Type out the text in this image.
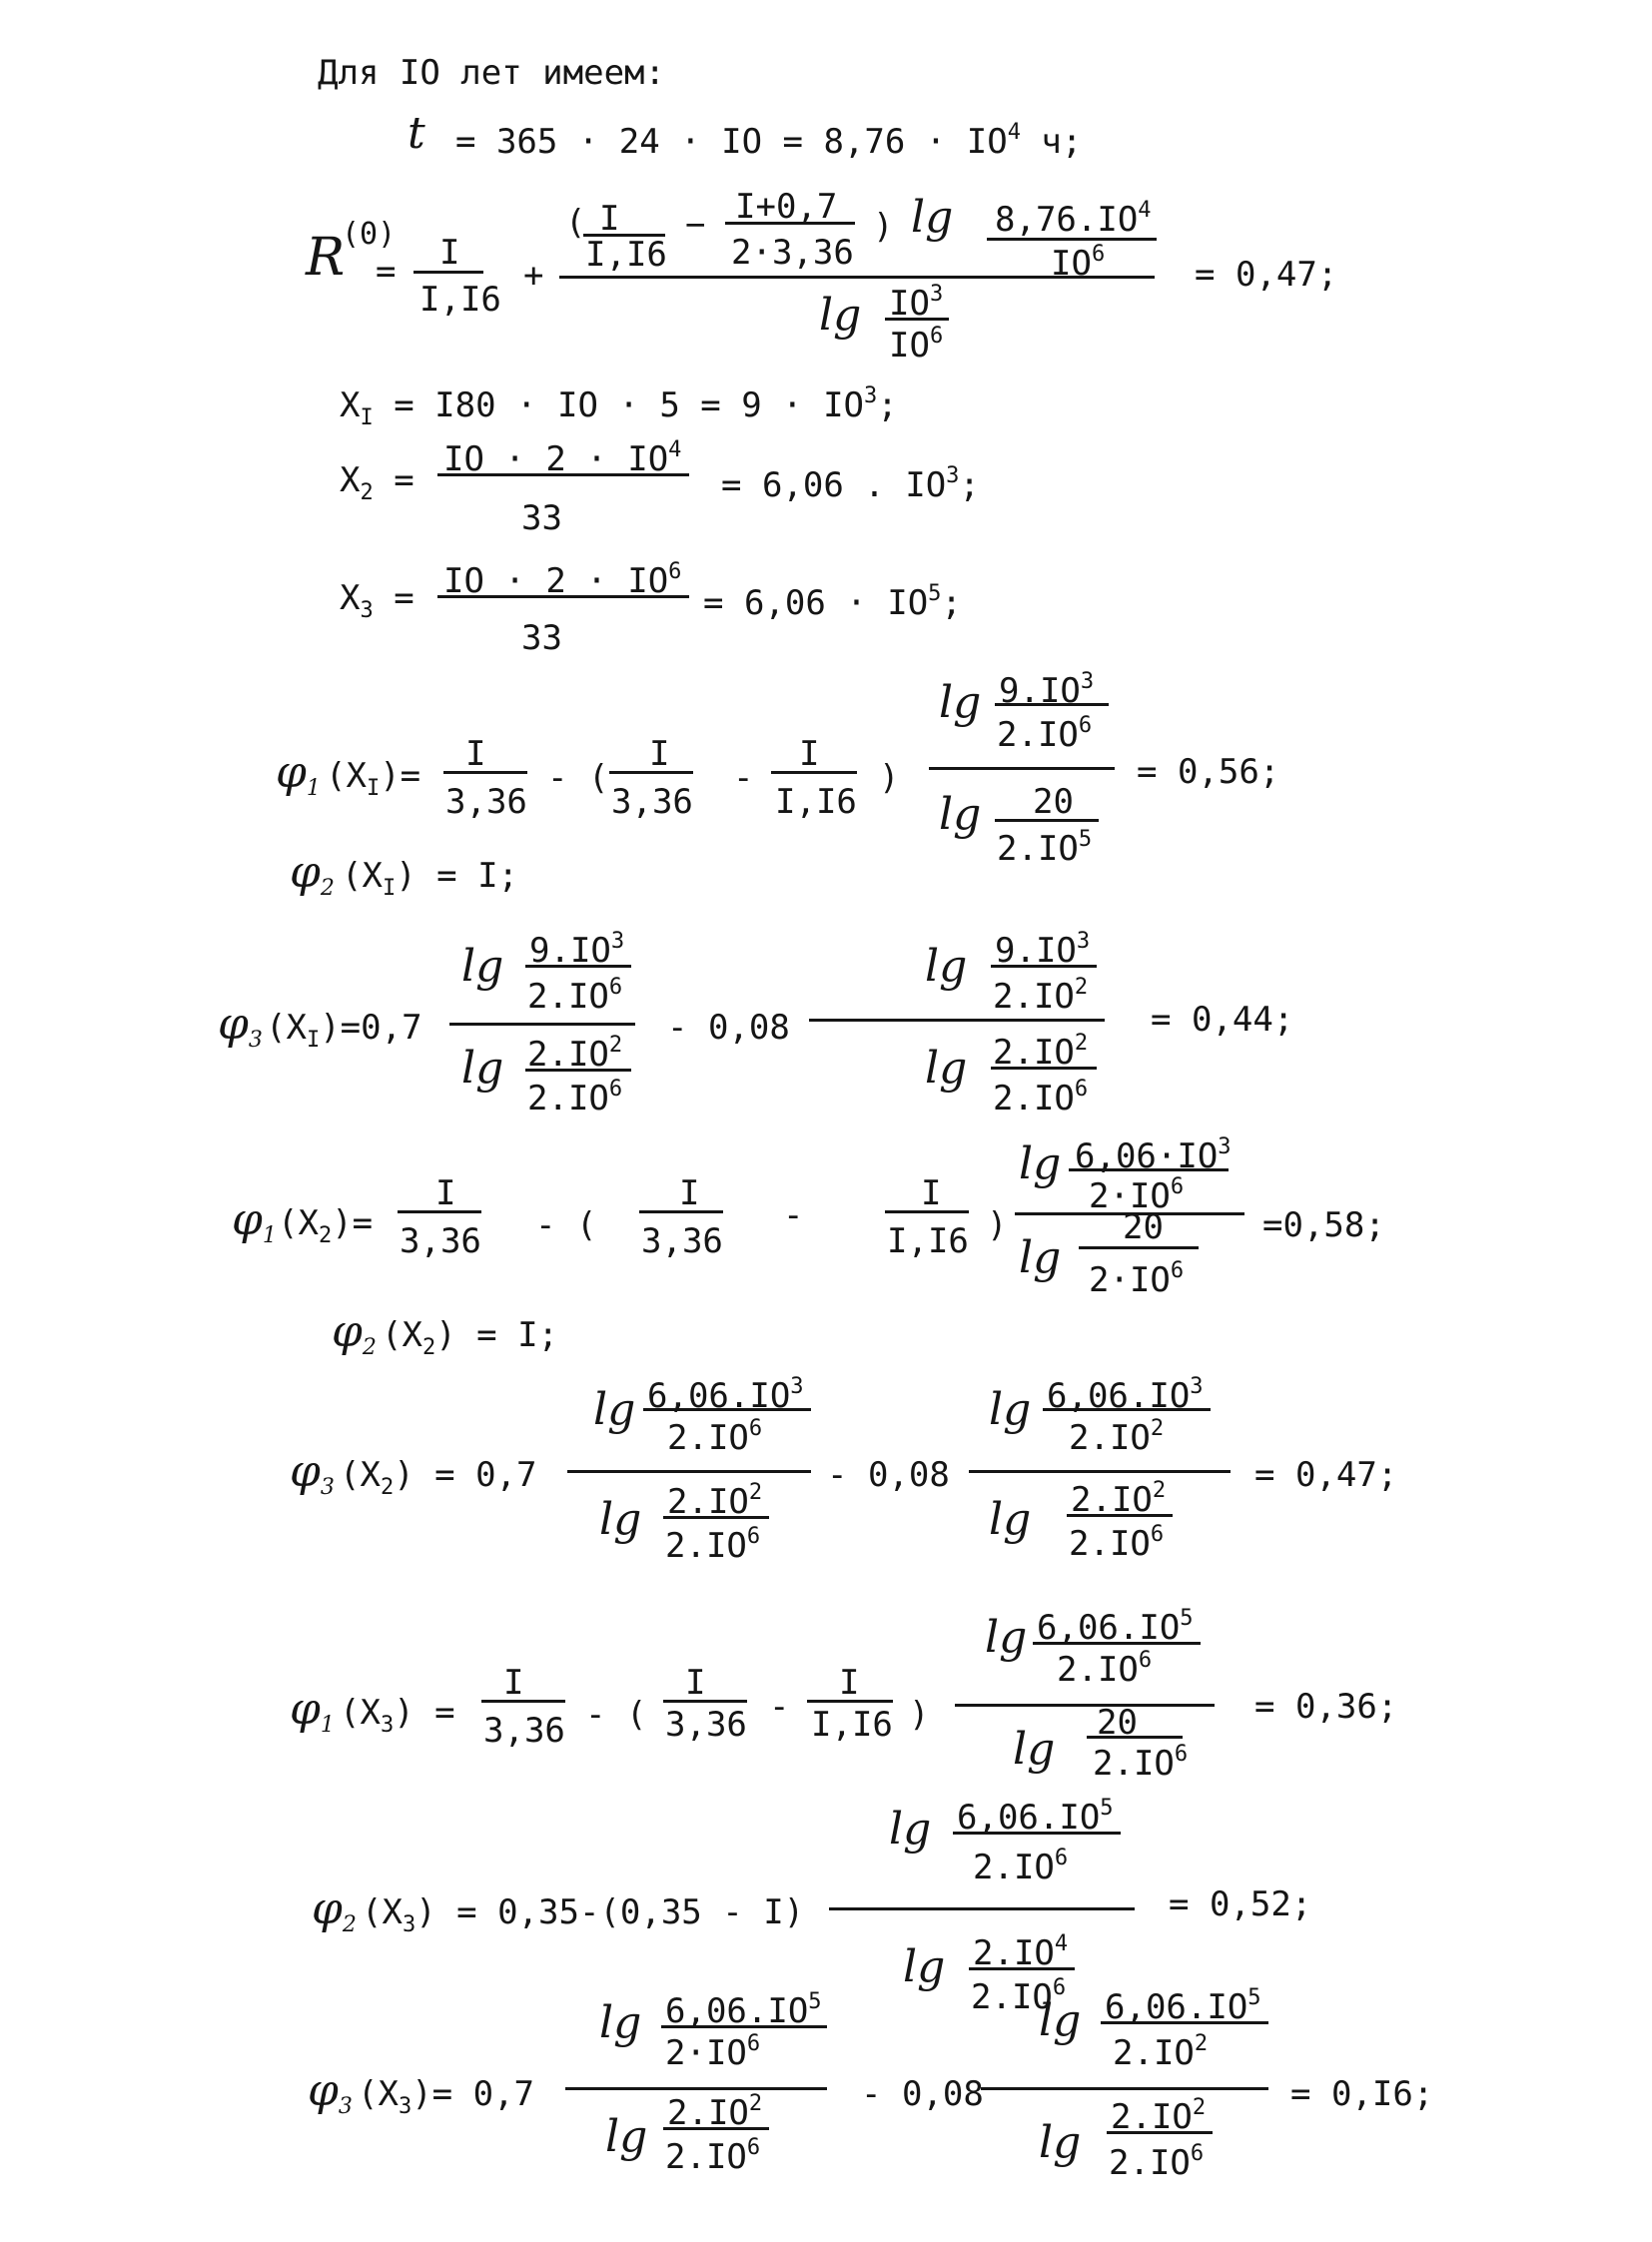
Для IO лет имеем:
t = 365 · 24 · IO = $8,76 \cdot IO^4$ ч;
R
(0)
= I
I,I6
+
( I
I,I6
− I+0,7
2·3,36
) $\lg 8,76.IO^4$
$IO^6$
$\lg IO^3$
$IO^6$
= 0,47;
$X_I = I80$ · IO · $5 = 9 \cdot IO^3$;
$X_2$ =
IO · $2 \cdot IO^4$
33
= 6,06 . $IO^3$;
$X_3$ = IO · $2 \cdot IO^6$
33
= $6,06 \cdot IO^5$;
φ1 $(X_I)=$
I
3,36
- (
I
3,36
-
I
I,I6
)
$\lg 9.IO^3$
$2.IO^6$
lg 20
$2.IO^5$
= 0,56;
φ2 $(X_I) = I$;
φ3 $(X_I)=0,7$
$\lg 9.IO^3$
$2.IO^6$
$\lg 2.IO^2$
$2.IO^6$
- 0,08
$\lg 9.IO^3$
$2.IO^2$
$\lg 2.IO^2$
$2.IO^6$
= 0,44;
φ1 $(X_2)=$
I
3,36 - (
I
3,36
-
I
I,I6 )
$\lg 6,06\cdot IO^3$
$2\cdot IO^6$
lg
20
$2\cdot IO^6$
=0,58;
φ2 $(X_2) = I$;
φ3 $(X_2) = 0,7$
$\lg 6,06.IO^3$
$2.IO^6$
$\lg 2.IO^2$
$2.IO^6$
- 0,08
$\lg 6,06.IO^3$
$2.IO^2$
$\lg 2.IO^2$
$2.IO^6$
= 0,47;
φ1 $(X_3)$ =
I
3,36 - (
I
3,36 -
I
I,I6 )
$\lg 6,06.IO^5$
$2.IO^6$
lg
20
$2.IO^6$
= 0,36;
φ2 $(X_3) = 0,35-(0,35 - I)$
$\lg 6,06.IO^5$
$2.IO^6$
$\lg 2.IO^4$
$2.IO^6$
= 0,52;
φ3 $(X_3)= 0,7$
$\lg 6,06.IO^5$
$2\cdot IO^6$
$\lg 2.IO^2$
$2.IO^6$
- 0,08
$\lg 6,06.IO^5$
$2.IO^2$
$\lg 2.IO^2$
$2.IO^6$
= 0,I6;
